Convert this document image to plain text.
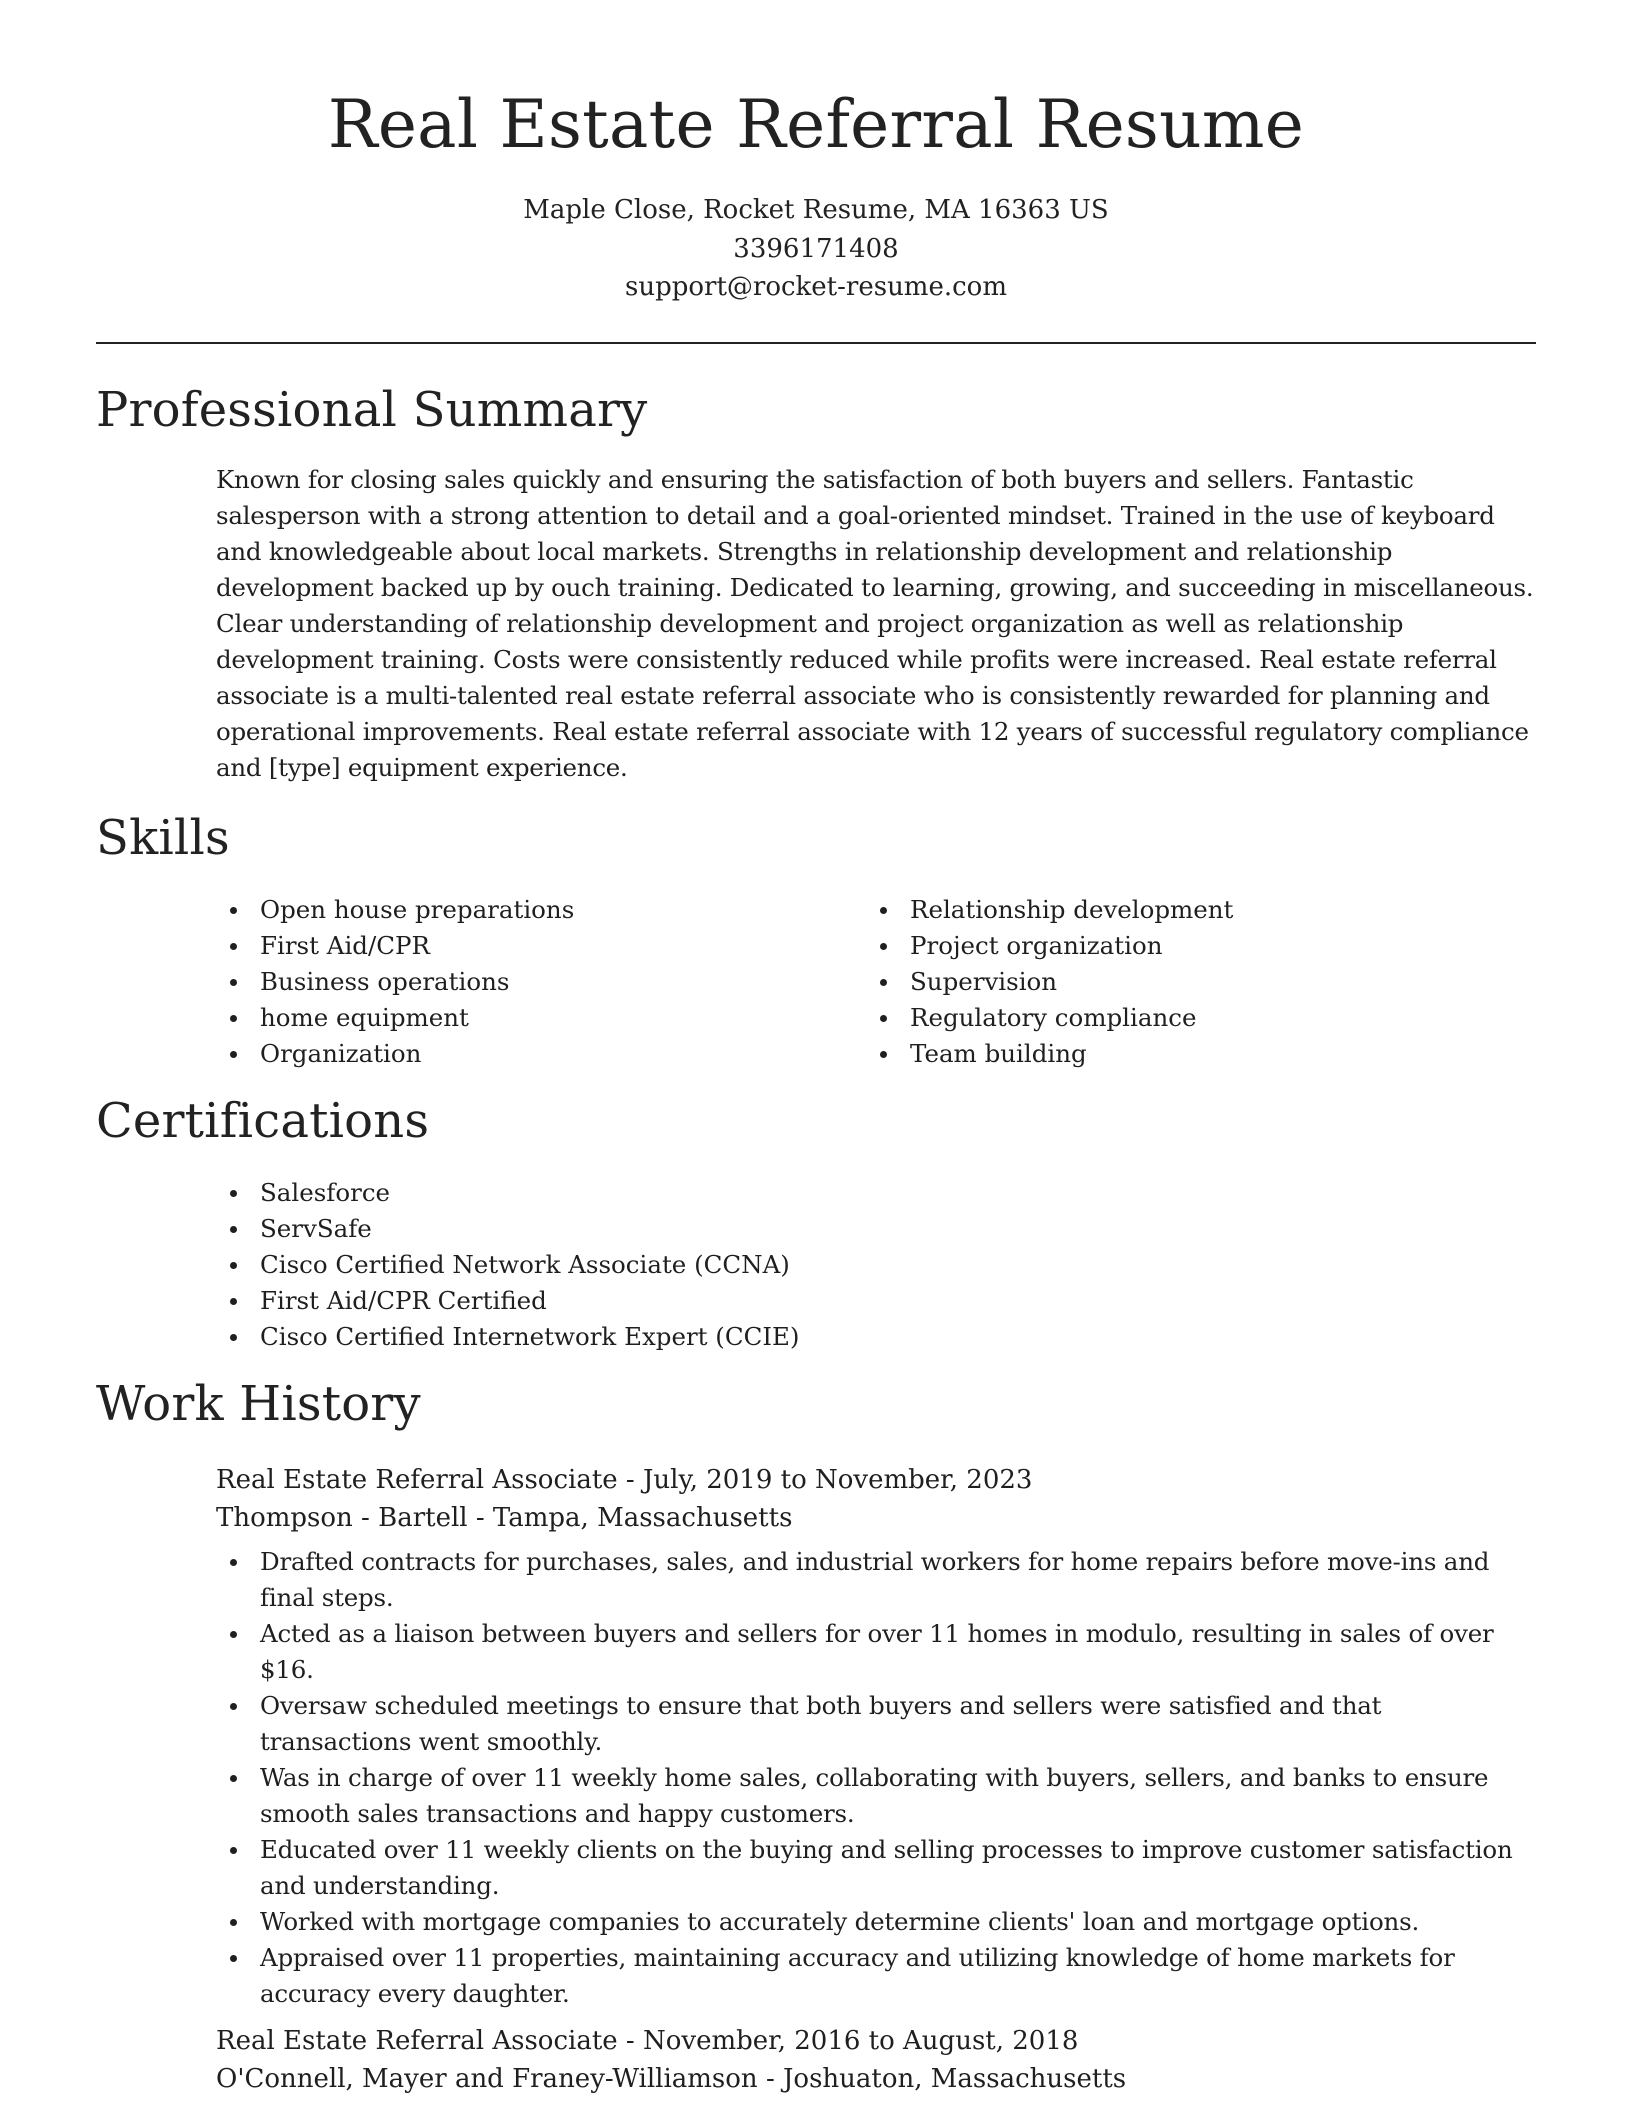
Real Estate Referral Resume
Maple Close, Rocket Resume, MA 16363 US
3396171408
support@rocket-resume.com
Professional Summary

Known for closing sales quickly and ensuring the satisfaction of both buyers and sellers. Fantastic salesperson with a strong attention to detail and a goal-oriented mindset. Trained in the use of keyboard and knowledgeable about local markets. Strengths in relationship development and relationship development backed up by ouch training. Dedicated to learning, growing, and succeeding in miscellaneous. Clear understanding of relationship development and project organization as well as relationship development training. Costs were consistently reduced while profits were increased. Real estate referral associate is a multi-talented real estate referral associate who is consistently rewarded for planning and operational improvements. Real estate referral associate with 12 years of successful regulatory compliance and [type] equipment experience.

Skills
Open house preparations
First Aid/CPR
Business operations
home equipment
Organization
Relationship development
Project organization
Supervision
Regulatory compliance
Team building
Certifications
Salesforce
ServSafe
Cisco Certified Network Associate (CCNA)
First Aid/CPR Certified
Cisco Certified Internetwork Expert (CCIE)
Work History
Real Estate Referral Associate - July, 2019 to November, 2023
Thompson - Bartell - Tampa, Massachusetts
Drafted contracts for purchases, sales, and industrial workers for home repairs before move-ins and final steps.
Acted as a liaison between buyers and sellers for over 11 homes in modulo, resulting in sales of over $16.
Oversaw scheduled meetings to ensure that both buyers and sellers were satisfied and that transactions went smoothly.
Was in charge of over 11 weekly home sales, collaborating with buyers, sellers, and banks to ensure smooth sales transactions and happy customers.
Educated over 11 weekly clients on the buying and selling processes to improve customer satisfaction and understanding.
Worked with mortgage companies to accurately determine clients' loan and mortgage options.
Appraised over 11 properties, maintaining accuracy and utilizing knowledge of home markets for accuracy every daughter.
Real Estate Referral Associate - November, 2016 to August, 2018
O'Connell, Mayer and Franey-Williamson - Joshuaton, Massachusetts
